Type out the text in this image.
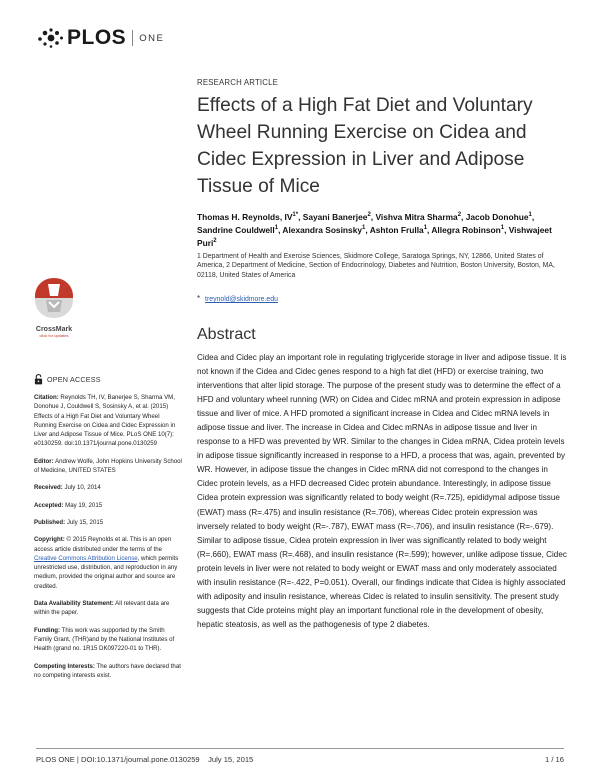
PLOS ONE
RESEARCH ARTICLE
Effects of a High Fat Diet and Voluntary Wheel Running Exercise on Cidea and Cidec Expression in Liver and Adipose Tissue of Mice
Thomas H. Reynolds, $IV^{1*}$, Sayani Banerjee$^2$, Vishva Mitra Sharma$^2$, Jacob Donohue$^1$, Sandrine Couldwell$^1$, Alexandra Sosinsky$^1$, Ashton Frulla$^1$, Allegra Robinson$^1$, Vishwajeet Puri$^2$
1 Department of Health and Exercise Sciences, Skidmore College, Saratoga Springs, NY, 12866, United States of America, 2 Department of Medicine, Section of Endocrinology, Diabetes and Nutrition, Boston University, Boston, MA, 02118, United States of America
* treynold@skidmore.edu
CrossMark
click for updates
OPEN ACCESS

Citation: Reynolds TH, IV, Banerjee S, Sharma VM, Donohue J, Couldwell S, Sosinsky A, et al. (2015) Effects of a High Fat Diet and Voluntary Wheel Running Exercise on Cidea and Cidec Expression in Liver and Adipose Tissue of Mice. PLoS ONE 10(7): e0130259. doi:10.1371/journal.pone.0130259

Editor: Andrew Wolfe, John Hopkins University School of Medicine, UNITED STATES

Received: July 10, 2014

Accepted: May 19, 2015

Published: July 15, 2015

Copyright: © 2015 Reynolds et al. This is an open access article distributed under the terms of the Creative Commons Attribution License, which permits unrestricted use, distribution, and reproduction in any medium, provided the original author and source are credited.

Data Availability Statement: All relevant data are within the paper.

Funding: This work was supported by the Smith Family Grant, (THR)and by the National Institutes of Health (grand no. 1R15 DK097220-01 to THR).

Competing Interests: The authors have declared that no competing interests exist.

Abstract
Cidea and Cidec play an important role in regulating triglyceride storage in liver and adipose tissue. It is not known if the Cidea and Cidec genes respond to a high fat diet (HFD) or exercise training, two interventions that alter lipid storage. The purpose of the present study was to determine the effect of a HFD and voluntary wheel running (WR) on Cidea and Cidec mRNA and protein expression in adipose tissue and liver of mice. A HFD promoted a significant increase in Cidea and Cidec mRNA levels in adipose tissue and liver. The increase in Cidea and Cidec mRNAs in adipose tissue and liver in response to a HFD was prevented by WR. Similar to the changes in Cidea mRNA, Cidea protein levels in adipose tissue significantly increased in response to a HFD, a process that was, again, prevented by WR. However, in adipose tissue the changes in Cidec mRNA did not correspond to the changes in Cidec protein levels, as a HFD decreased Cidec protein abundance. Interestingly, in adipose tissue Cidea protein expression was significantly related to body weight (R=.725), epididymal adipose tissue (EWAT) mass (R=.475) and insulin resistance (R=.706), whereas Cidec protein expression was inversely related to body weight (R=-.787), EWAT mass (R=-.706), and insulin resistance (R=-.679). Similar to adipose tissue, Cidea protein expression in liver was significantly related to body weight (R=.660), EWAT mass (R=.468), and insulin resistance (R=.599); however, unlike adipose tissue, Cidec protein levels in liver were not related to body weight or EWAT mass and only moderately associated with insulin resistance (R=-.422, P=0.051). Overall, our findings indicate that Cidea is highly associated with adiposity and insulin resistance, whereas Cidec is related to insulin sensitivity. The present study suggests that Cide proteins might play an important functional role in the development of obesity, hepatic steatosis, as well as the pathogenesis of type 2 diabetes.
PLOS ONE | DOI:10.1371/journal.pone.0130259    July 15, 2015	1 / 16
